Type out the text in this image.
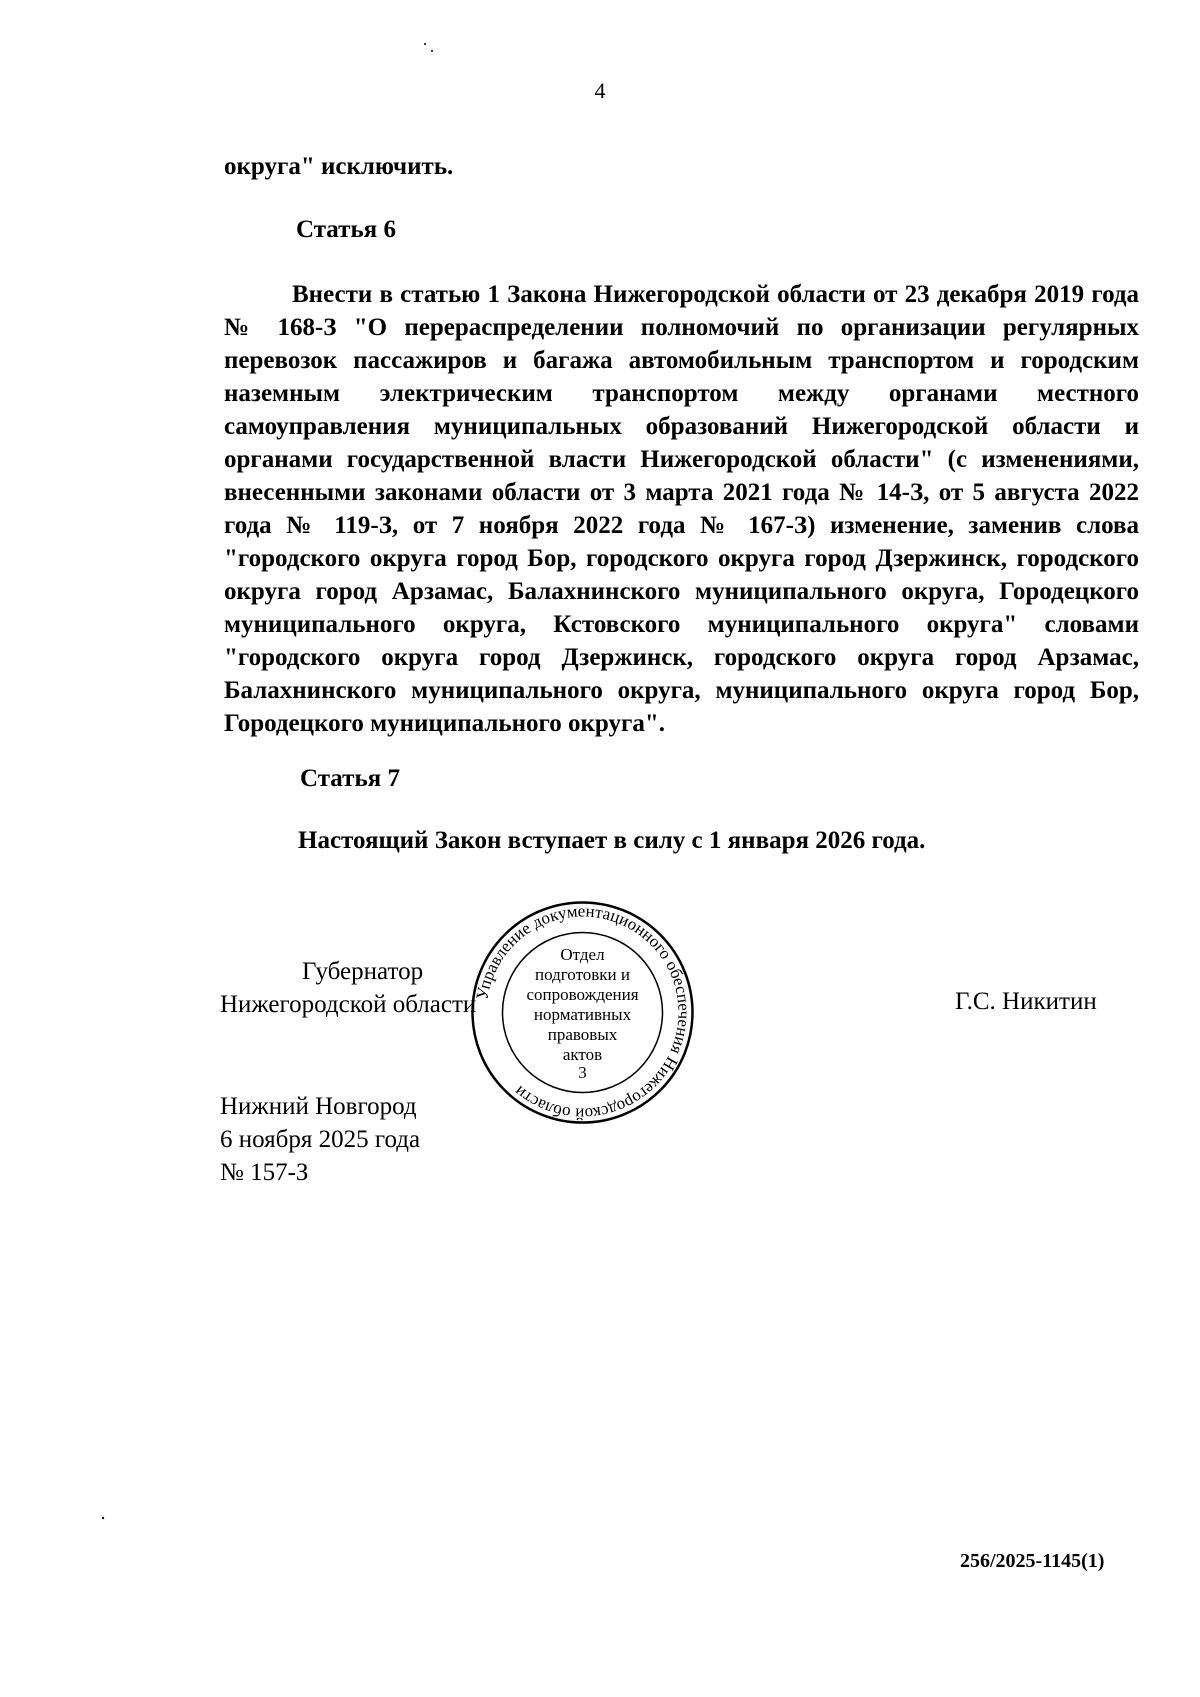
4
округа" исключить.
Статья 6

Внести в статью 1 Закона Нижегородской области от 23 декабря 2019 года № 168-З "О перераспределении полномочий по организации регулярных перевозок пассажиров и багажа автомобильным транспортом и городским наземным электрическим транспортом между органами местного самоуправления муниципальных образований Нижегородской области и органами государственной власти Нижегородской области" (с изменениями, внесенными законами области от 3 марта 2021 года № 14-З, от 5 августа 2022 года № 119-З, от 7 ноября 2022 года № 167-З) изменение, заменив слова "городского округа город Бор, городского округа город Дзержинск, городского округа город Арзамас, Балахнинского муниципального округа, Городецкого муниципального округа, Кстовского муниципального округа" словами "городского округа город Дзержинск, городского округа город Арзамас, Балахнинского муниципального округа, муниципального округа город Бор, Городецкого муниципального округа".

Статья 7
Настоящий Закон вступает в силу с 1 января 2026 года.
Губернатор
Нижегородской области	Г.С. Никитин
Нижний Новгород
6 ноября 2025 года
№ 157-З
Управление документационного обеспечения Нижегородской области
Отдел
подготовки и
сопровождения
нормативных
правовых
актов
3
256/2025-1145(1)
